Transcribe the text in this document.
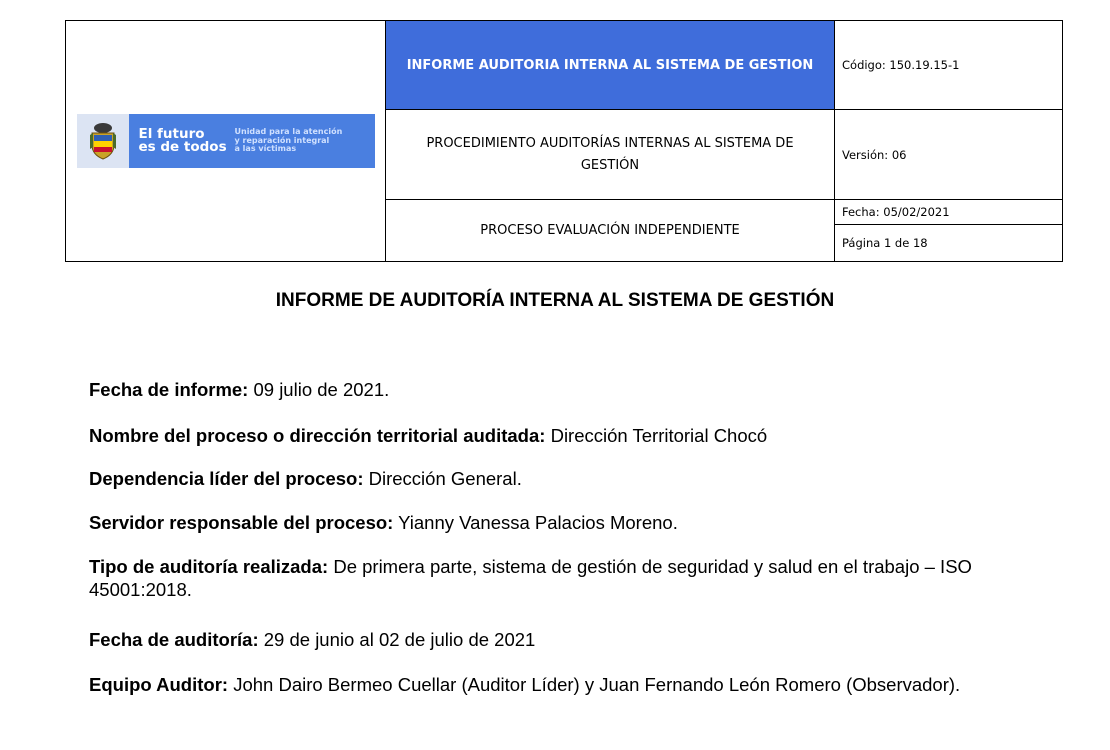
El futuro
es de todos
Unidad para la atención
y reparación integral
a las víctimas	INFORME AUDITORIA INTERNA AL SISTEMA DE GESTION	Código: 150.19.15-1
	PROCEDIMIENTO AUDITORÍAS INTERNAS AL SISTEMA DE GESTIÓN	Versión: 06
	PROCESO EVALUACIÓN INDEPENDIENTE	Fecha: 05/02/2021
		Página 1 de 18
INFORME DE AUDITORÍA INTERNA AL SISTEMA DE GESTIÓN
Fecha de informe: 09 julio de 2021.
Nombre del proceso o dirección territorial auditada: Dirección Territorial Chocó
Dependencia líder del proceso: Dirección General.
Servidor responsable del proceso: Yianny Vanessa Palacios Moreno.
Tipo de auditoría realizada: De primera parte, sistema de gestión de seguridad y salud en el trabajo – ISO 45001:2018.
Fecha de auditoría: 29 de junio al 02 de julio de 2021
Equipo Auditor: John Dairo Bermeo Cuellar (Auditor Líder) y Juan Fernando León Romero (Observador).
